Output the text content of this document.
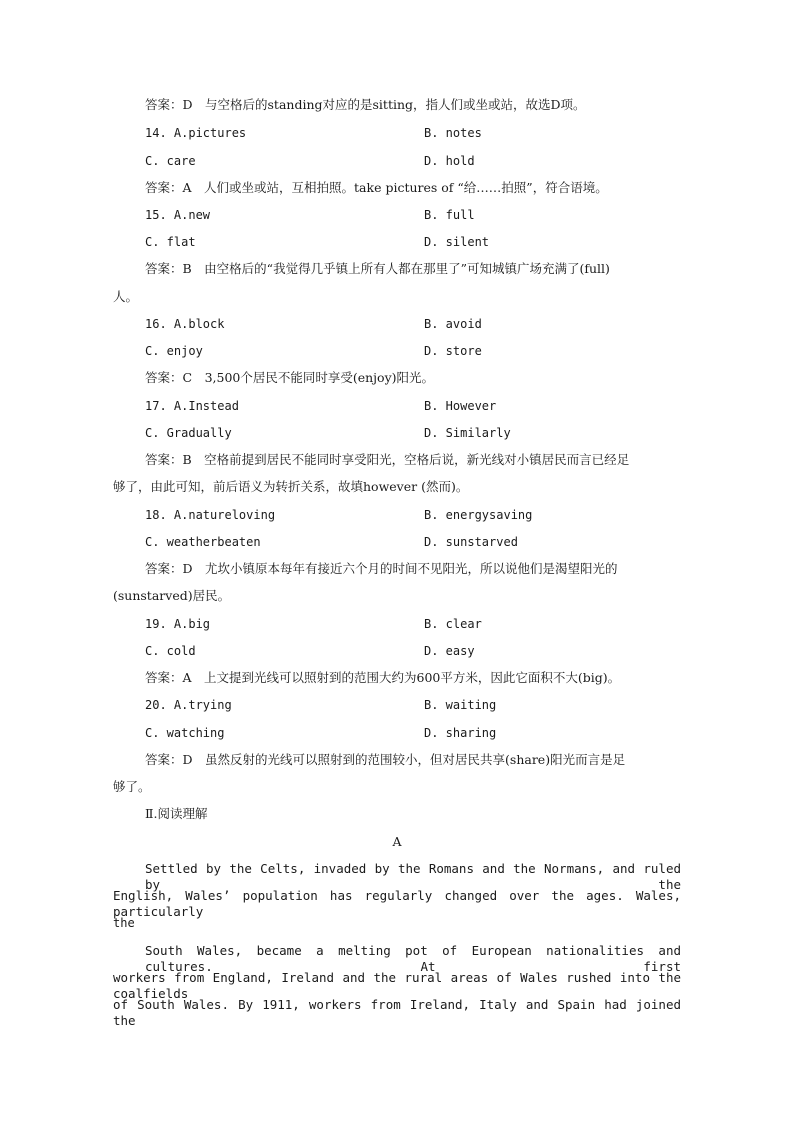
答案：D　与空格后的standing对应的是sitting，指人们或坐或站，故选D项。
14. A.pictures	B. notes
C. care	D. hold
答案：A　人们或坐或站，互相拍照。take pictures of “给……拍照”，符合语境。
15. A.new	B. full
C. flat	D. silent
答案：B　由空格后的“我觉得几乎镇上所有人都在那里了”可知城镇广场充满了(full)
人。
16. A.block	B. avoid
C. enjoy	D. store
答案：C　3,500个居民不能同时享受(enjoy)阳光。
17. A.Instead	B. However
C. Gradually	D. Similarly
答案：B　空格前提到居民不能同时享受阳光，空格后说，新光线对小镇居民而言已经足
够了，由此可知，前后语义为转折关系，故填however (然而)。
18. A.natureloving	B. energysaving
C. weatherbeaten	D. sunstarved
答案：D　尤坎小镇原本每年有接近六个月的时间不见阳光，所以说他们是渴望阳光的
(sunstarved)居民。
19. A.big	B. clear
C. cold	D. easy
答案：A　上文提到光线可以照射到的范围大约为600平方米，因此它面积不大(big)。
20. A.trying	B. waiting
C. watching	D. sharing
答案：D　虽然反射的光线可以照射到的范围较小，但对居民共享(share)阳光而言是足
够了。
Ⅱ.阅读理解
A
Settled by the Celts, invaded by the Romans and the Normans, and ruled by the
English, Wales’ population has regularly changed over the ages. Wales, particularly
the
South Wales, became a melting pot of European nationalities and cultures. At first
workers from England, Ireland and the rural areas of Wales rushed into the coalfields
of South Wales. By 1911, workers from Ireland, Italy and Spain had joined the
